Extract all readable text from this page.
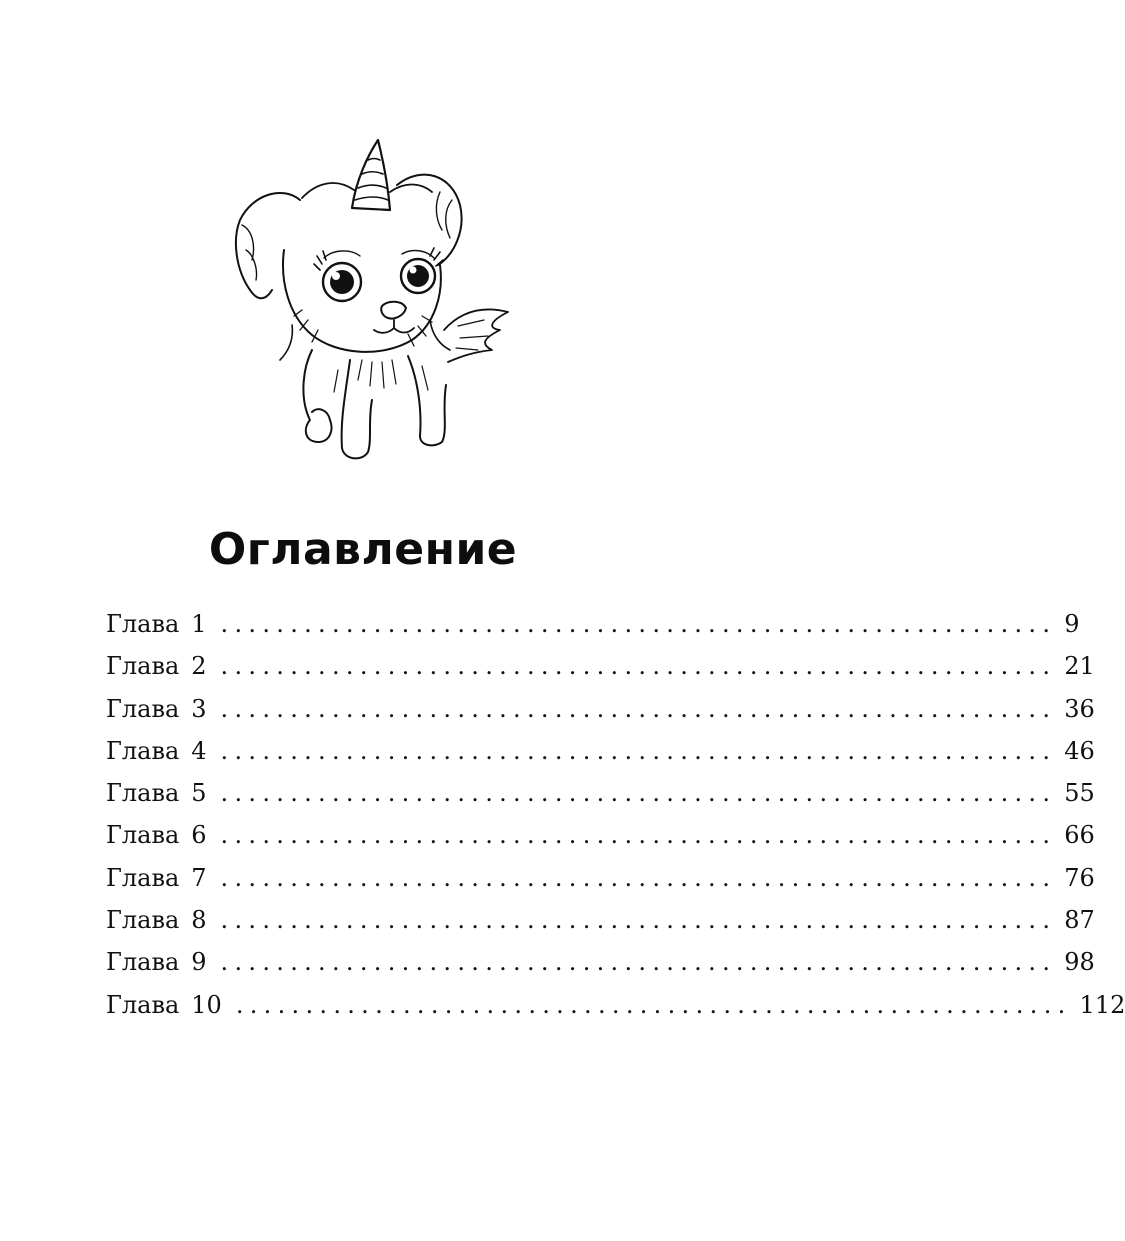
Оглавление
Глава 1 ............................................................ 9
Глава 2 ............................................................ 21
Глава 3 ............................................................ 36
Глава 4 ............................................................ 46
Глава 5 ............................................................ 55
Глава 6 ............................................................ 66
Глава 7 ............................................................ 76
Глава 8 ............................................................ 87
Глава 9 ............................................................ 98
Глава 10 ............................................................ 112
